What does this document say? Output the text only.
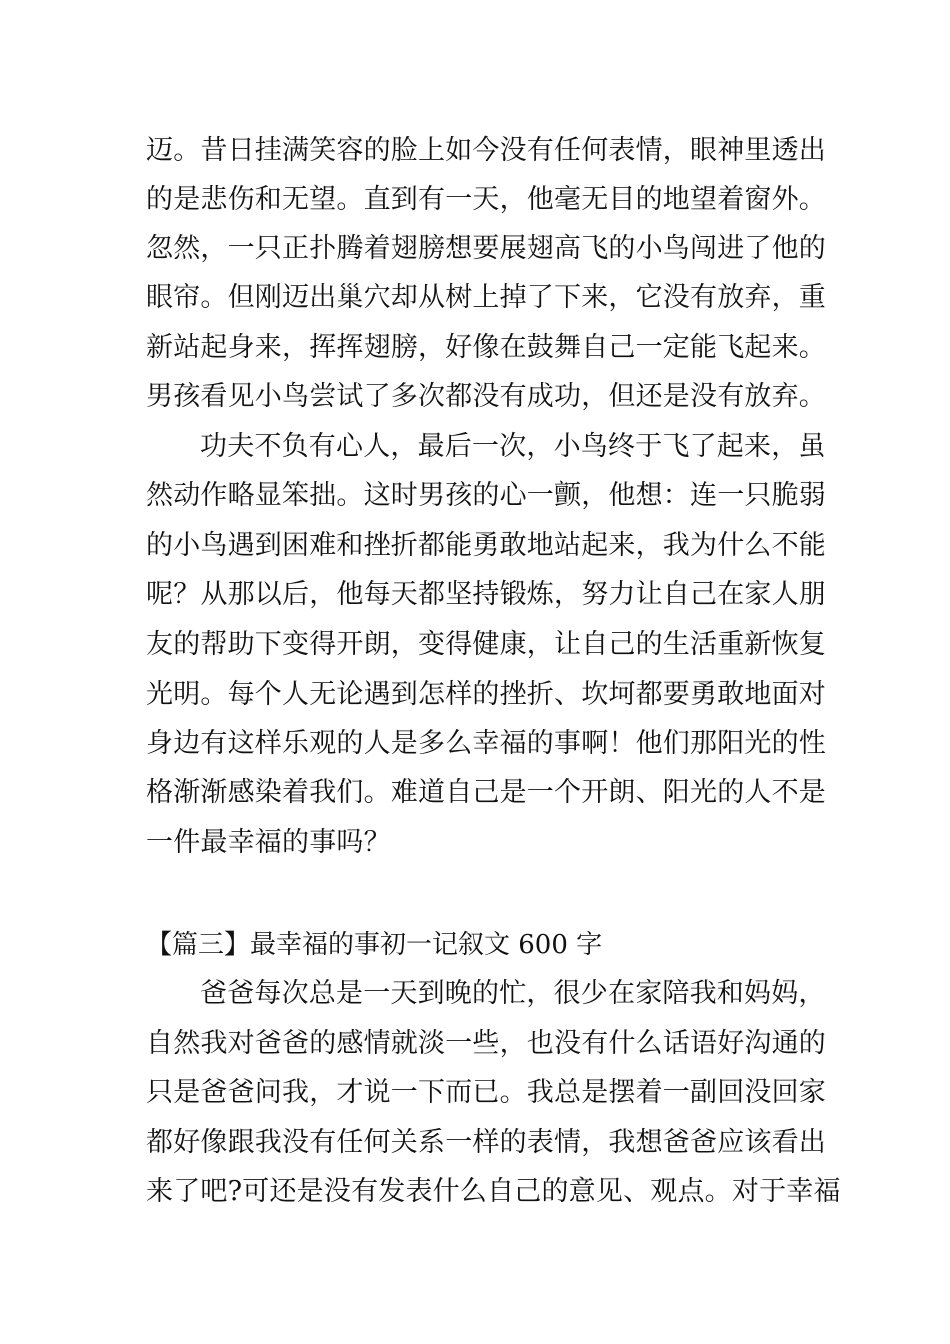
迈。昔日挂满笑容的脸上如今没有任何表情，眼神里透出
的是悲伤和无望。直到有一天，他毫无目的地望着窗外。
忽然，一只正扑腾着翅膀想要展翅高飞的小鸟闯进了他的
眼帘。但刚迈出巢穴却从树上掉了下来，它没有放弃，重
新站起身来，挥挥翅膀，好像在鼓舞自己一定能飞起来。
男孩看见小鸟尝试了多次都没有成功，但还是没有放弃。
功夫不负有心人，最后一次，小鸟终于飞了起来，虽
然动作略显笨拙。这时男孩的心一颤，他想：连一只脆弱
的小鸟遇到困难和挫折都能勇敢地站起来，我为什么不能
呢？从那以后，他每天都坚持锻炼，努力让自己在家人朋
友的帮助下变得开朗，变得健康，让自己的生活重新恢复
光明。每个人无论遇到怎样的挫折、坎坷都要勇敢地面对
身边有这样乐观的人是多么幸福的事啊！他们那阳光的性
格渐渐感染着我们。难道自己是一个开朗、阳光的人不是
一件最幸福的事吗？
【篇三】最幸福的事初一记叙文 600 字
爸爸每次总是一天到晚的忙，很少在家陪我和妈妈，
自然我对爸爸的感情就淡一些，也没有什么话语好沟通的
只是爸爸问我，才说一下而已。我总是摆着一副回没回家
都好像跟我没有任何关系一样的表情，我想爸爸应该看出
来了吧?可还是没有发表什么自己的意见、观点。对于幸福
